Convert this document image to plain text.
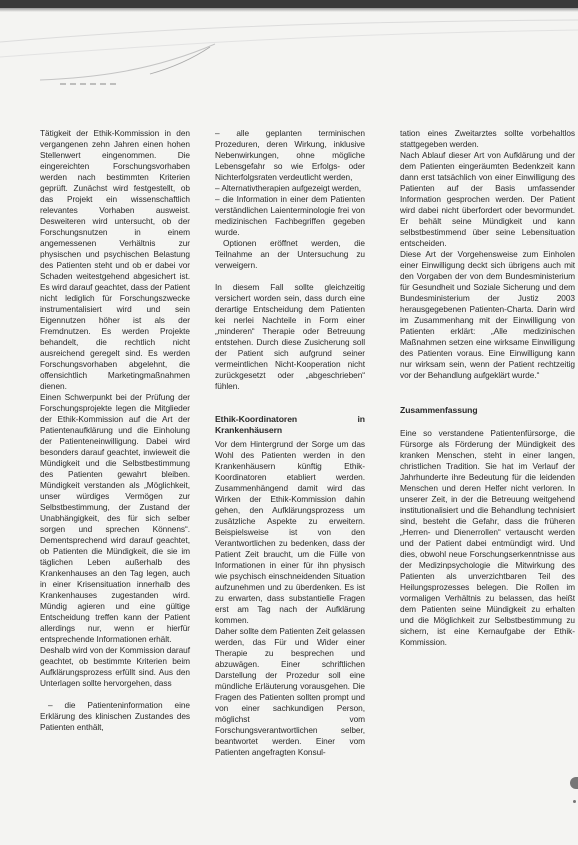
Tätigkeit der Ethik-Kommission in den vergangenen zehn Jahren einen hohen Stellenwert eingenommen. Die eingereichten Forschungsvorhaben werden nach bestimmten Kriterien geprüft. Zunächst wird festgestellt, ob das Projekt ein wissenschaftlich relevantes Vorhaben ausweist. Desweiteren wird untersucht, ob der Forschungsnutzen in einem angemessenen Verhältnis zur physischen und psychischen Belastung des Patienten steht und ob er dabei vor Schaden weitestgehend abgesichert ist. Es wird darauf geachtet, dass der Patient nicht lediglich für Forschungszwecke instrumentalisiert wird und sein Eigennutzen höher ist als der Fremdnutzen. Es werden Projekte behandelt, die rechtlich nicht ausreichend geregelt sind. Es werden Forschungsvorhaben abgelehnt, die offensichtlich Marketingmaßnahmen dienen.

Einen Schwerpunkt bei der Prüfung der Forschungsprojekte legen die Mitglieder der Ethik-Kommission auf die Art der Patientenaufklärung und die Einholung der Patienteneinwilligung. Dabei wird besonders darauf geachtet, inwieweit die Mündigkeit und die Selbstbestimmung des Patienten gewahrt bleiben. Mündigkeit verstanden als „Möglichkeit, unser würdiges Vermögen zur Selbstbestimmung, der Zustand der Unabhängigkeit, des für sich selber sorgen und sprechen Könnens“. Dementsprechend wird darauf geachtet, ob Patienten die Mündigkeit, die sie im täglichen Leben außerhalb des Krankenhauses an den Tag legen, auch in einer Krisensituation innerhalb des Krankenhauses zugestanden wird. Mündig agieren und eine gültige Entscheidung treffen kann der Patient allerdings nur, wenn er hierfür entsprechende Informationen erhält.

Deshalb wird von der Kommission darauf geachtet, ob bestimmte Kriterien beim Aufklärungsprozess erfüllt sind. Aus den Unterlagen sollte hervorgehen, dass

– die Patienteninformation eine Erklärung des klinischen Zustandes des Patienten enthält,

– alle geplanten terminischen Prozeduren, deren Wirkung, inklusive Nebenwirkungen, ohne mögliche Lebensgefahr so wie Erfolgs- oder Nichterfolgsraten verdeutlicht werden,

– Alternativtherapien aufgezeigt werden,

– die Information in einer dem Patienten verständlichen Laienterminologie frei von medizinischen Fachbegriffen gegeben wurde.

Optionen eröffnet werden, die Teilnahme an der Untersuchung zu verweigern.

In diesem Fall sollte gleichzeitig versichert worden sein, dass durch eine derartige Entscheidung dem Patienten kei nerlei Nachteile in Form einer „minderen“ Therapie oder Betreuung entstehen. Durch diese Zusicherung soll der Patient sich aufgrund seiner vermeintlichen Nicht-Kooperation nicht zurückgesetzt oder „abgeschrieben“ fühlen.

Ethik-Koordinatoren in Krankenhäusern

Vor dem Hintergrund der Sorge um das Wohl des Patienten werden in den Krankenhäusern künftig Ethik-Koordinatoren etabliert werden. Zusammenhängend damit wird das Wirken der Ethik-Kommission dahin gehen, den Aufklärungsprozess um zusätzliche Aspekte zu erweitern. Beispielsweise ist von den Verantwortlichen zu bedenken, dass der Patient Zeit braucht, um die Fülle von Informationen in einer für ihn physisch wie psychisch einschneidenden Situation aufzunehmen und zu überdenken. Es ist zu erwarten, dass substantielle Fragen erst am Tag nach der Aufklärung kommen.

Daher sollte dem Patienten Zeit gelassen werden, das Für und Wider einer Therapie zu besprechen und abzuwägen. Einer schriftlichen Darstellung der Prozedur soll eine mündliche Erläuterung vorausgehen. Die Fragen des Patienten sollten prompt und von einer sachkundigen Person, möglichst vom Forschungsverantwortlichen selber, beantwortet werden. Einer vom Patienten angefragten Konsul-

tation eines Zweitarztes sollte vorbehaltlos stattgegeben werden.

Nach Ablauf dieser Art von Aufklärung und der dem Patienten eingeräumten Bedenkzeit kann dann erst tatsächlich von einer Einwilligung des Patienten auf der Basis umfassender Information gesprochen werden. Der Patient wird dabei nicht überfordert oder bevormundet. Er behält seine Mündigkeit und kann selbstbestimmend über seine Lebensituation entscheiden.

Diese Art der Vorgehensweise zum Einholen einer Einwilligung deckt sich übrigens auch mit den Vorgaben der von dem Bundesministerium für Gesundheit und Soziale Sicherung und dem Bundesministerium der Justiz 2003 herausgegebenen Patienten-Charta. Darin wird im Zusammenhang mit der Einwilligung von Patienten erklärt: „Alle medizinischen Maßnahmen setzen eine wirksame Einwilligung des Patienten voraus. Eine Einwilligung kann nur wirksam sein, wenn der Patient rechtzeitig vor der Behandlung aufgeklärt wurde.“

Zusammenfassung

Eine so verstandene Patientenfürsorge, die Fürsorge als Förderung der Mündigkeit des kranken Menschen, steht in einer langen, christlichen Tradition. Sie hat im Verlauf der Jahrhunderte ihre Bedeutung für die leidenden Menschen und deren Helfer nicht verloren. In unserer Zeit, in der die Betreuung weitgehend institutionalisiert und die Behandlung technisiert sind, besteht die Gefahr, dass die früheren „Herren- und Dienerrollen“ vertauscht werden und der Patient dabei entmündigt wird. Und dies, obwohl neue Forschungserkenntnisse aus der Medizinpsychologie die Mitwirkung des Patienten als unverzichtbaren Teil des Heilungsprozesses belegen. Die Rollen im vormaligen Verhältnis zu belassen, das heißt dem Patienten seine Mündigkeit zu erhalten und die Möglichkeit zur Selbstbestimmung zu sichern, ist eine Kernaufgabe der Ethik-Kommission.
